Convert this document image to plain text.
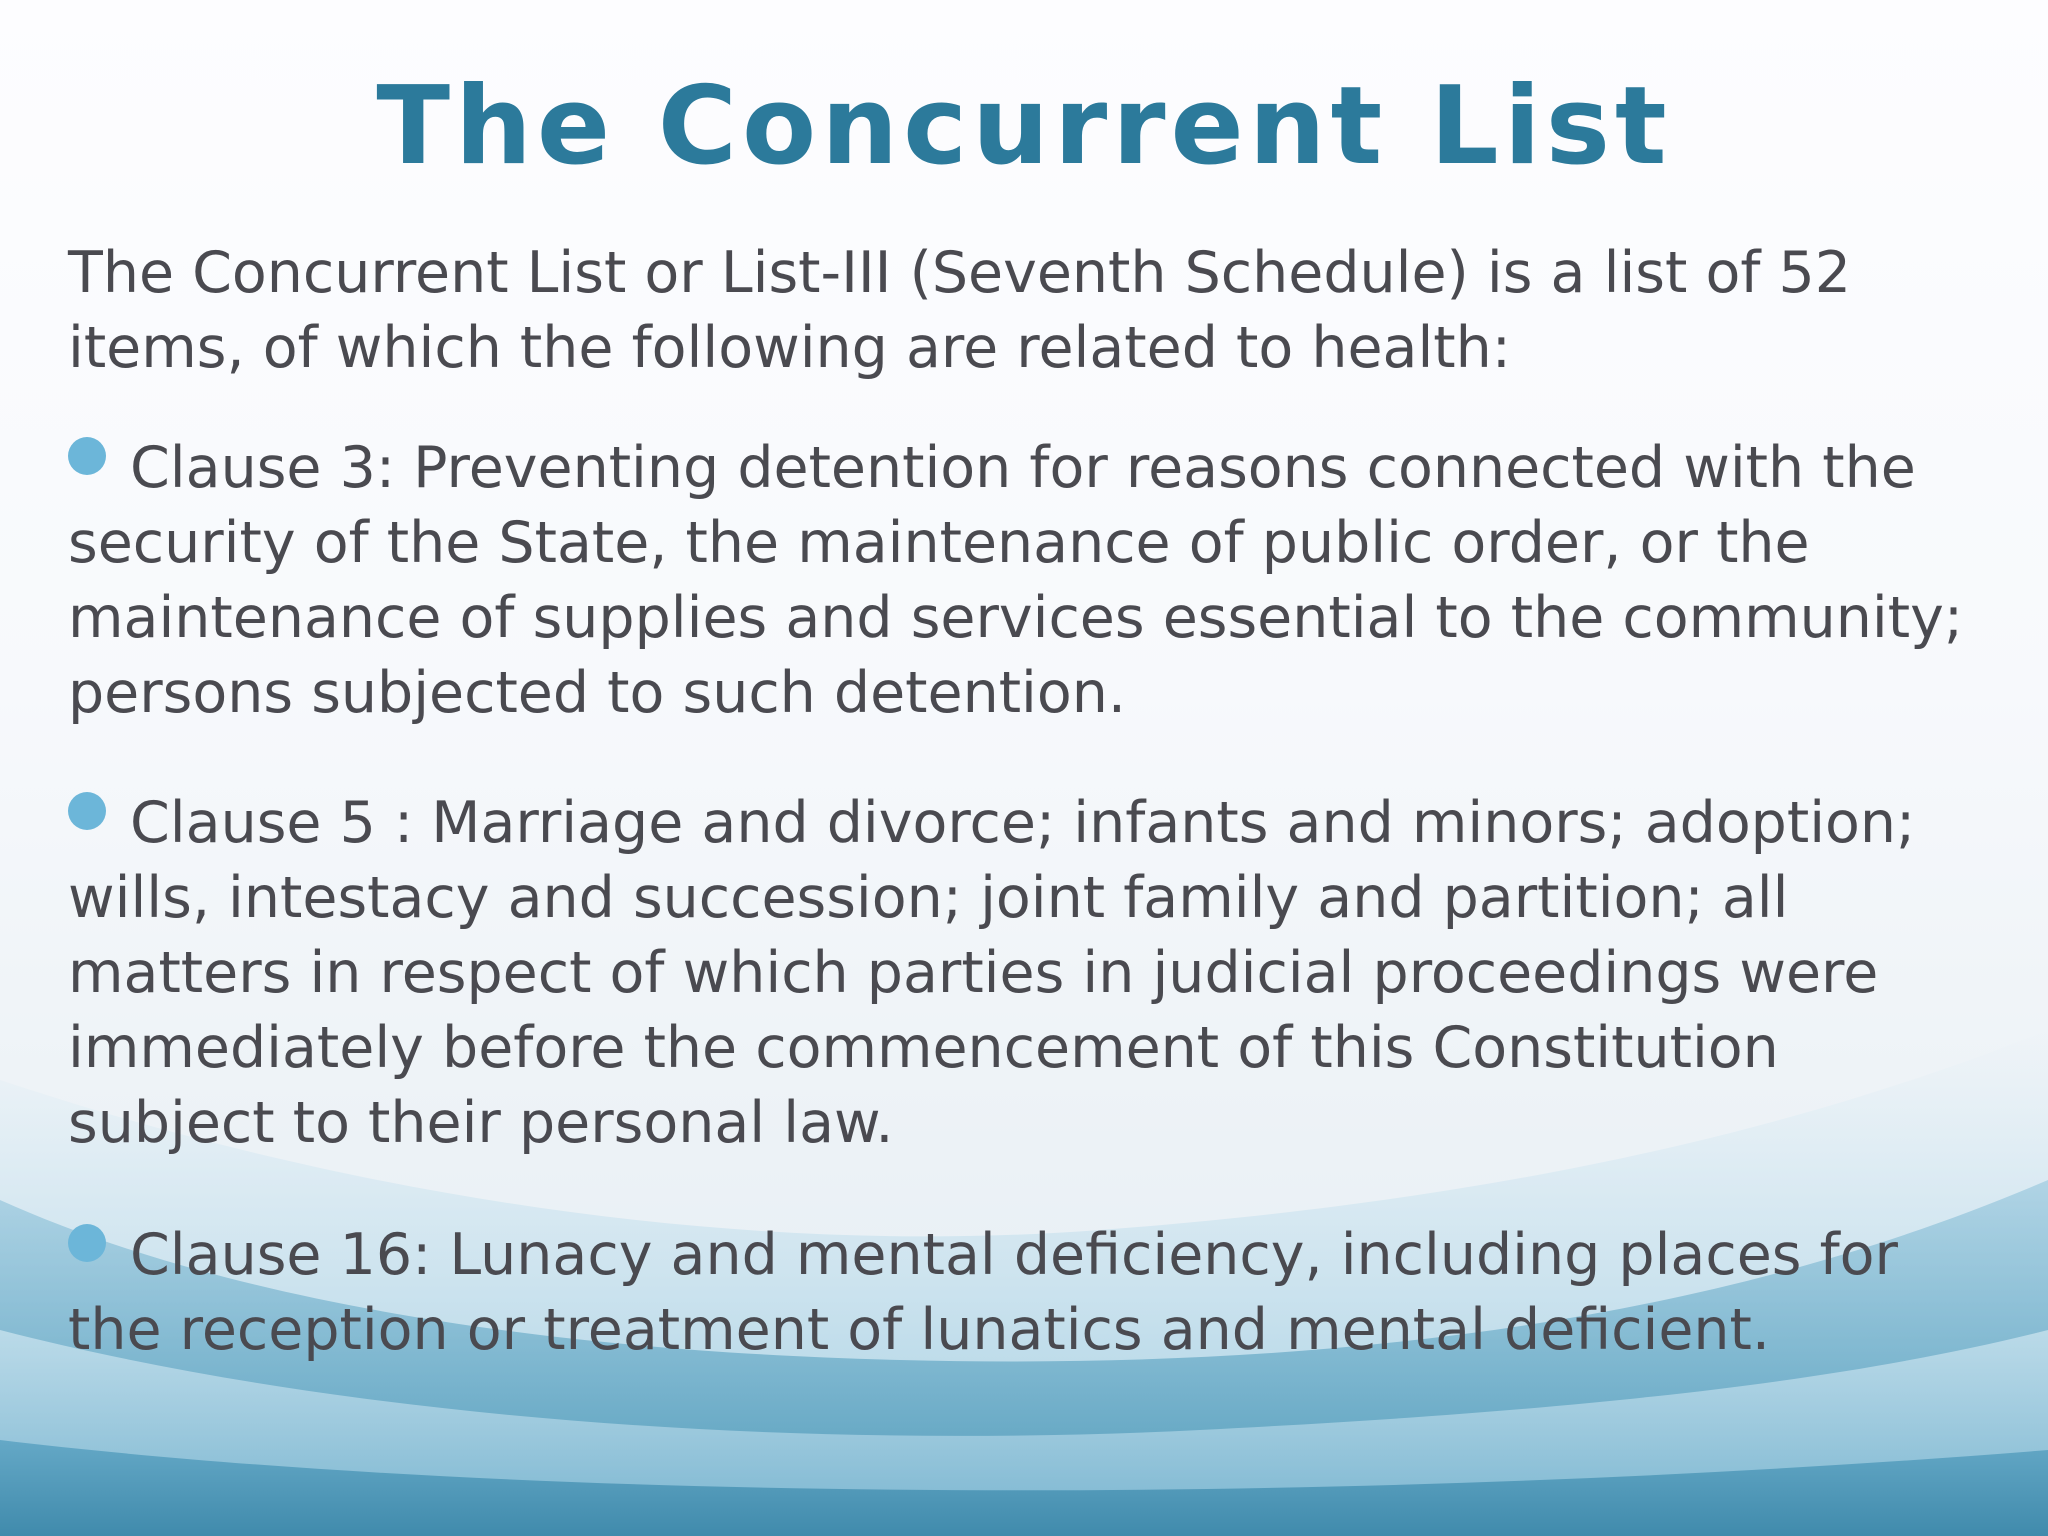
The Concurrent List

The Concurrent List or List-III (Seventh Schedule) is a list of 52 items, of which the following are related to health:

Clause 3: Preventing detention for reasons connected with the security of the State, the maintenance of public order, or the maintenance of supplies and services essential to the community; persons subjected to such detention.

Clause 5 : Marriage and divorce; infants and minors; adoption; wills, intestacy and succession; joint family and partition; all matters in respect of which parties in judicial proceedings were immediately before the commencement of this Constitution subject to their personal law.

Clause 16: Lunacy and mental deficiency, including places for the reception or treatment of lunatics and mental deficient.
